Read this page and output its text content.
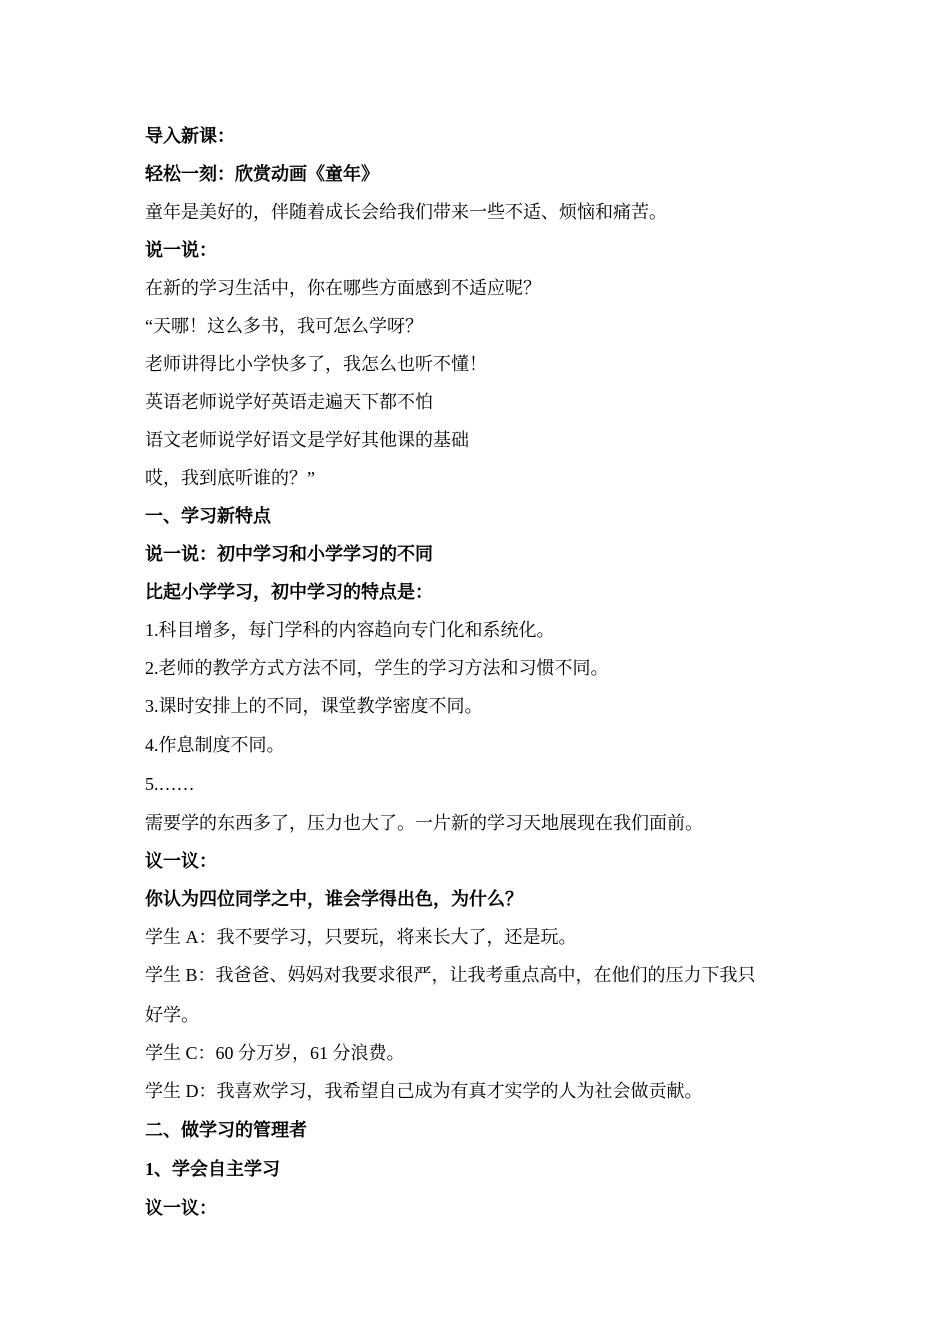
导入新课：
轻松一刻：欣赏动画《童年》
童年是美好的，伴随着成长会给我们带来一些不适、烦恼和痛苦。
说一说：
在新的学习生活中，你在哪些方面感到不适应呢？
“天哪！这么多书，我可怎么学呀？
老师讲得比小学快多了，我怎么也听不懂！
英语老师说学好英语走遍天下都不怕
语文老师说学好语文是学好其他课的基础
哎，我到底听谁的？”
一、学习新特点
说一说：初中学习和小学学习的不同
比起小学学习，初中学习的特点是：
1.科目增多，每门学科的内容趋向专门化和系统化。
2.老师的教学方式方法不同，学生的学习方法和习惯不同。
3.课时安排上的不同，课堂教学密度不同。
4.作息制度不同。
5.……
需要学的东西多了，压力也大了。一片新的学习天地展现在我们面前。
议一议：
你认为四位同学之中，谁会学得出色，为什么？
学生 A：我不要学习，只要玩，将来长大了，还是玩。
学生 B：我爸爸、妈妈对我要求很严，让我考重点高中，在他们的压力下我只
好学。
学生 C：60 分万岁，61 分浪费。
学生 D：我喜欢学习，我希望自己成为有真才实学的人为社会做贡献。
二、做学习的管理者
1、学会自主学习
议一议：
